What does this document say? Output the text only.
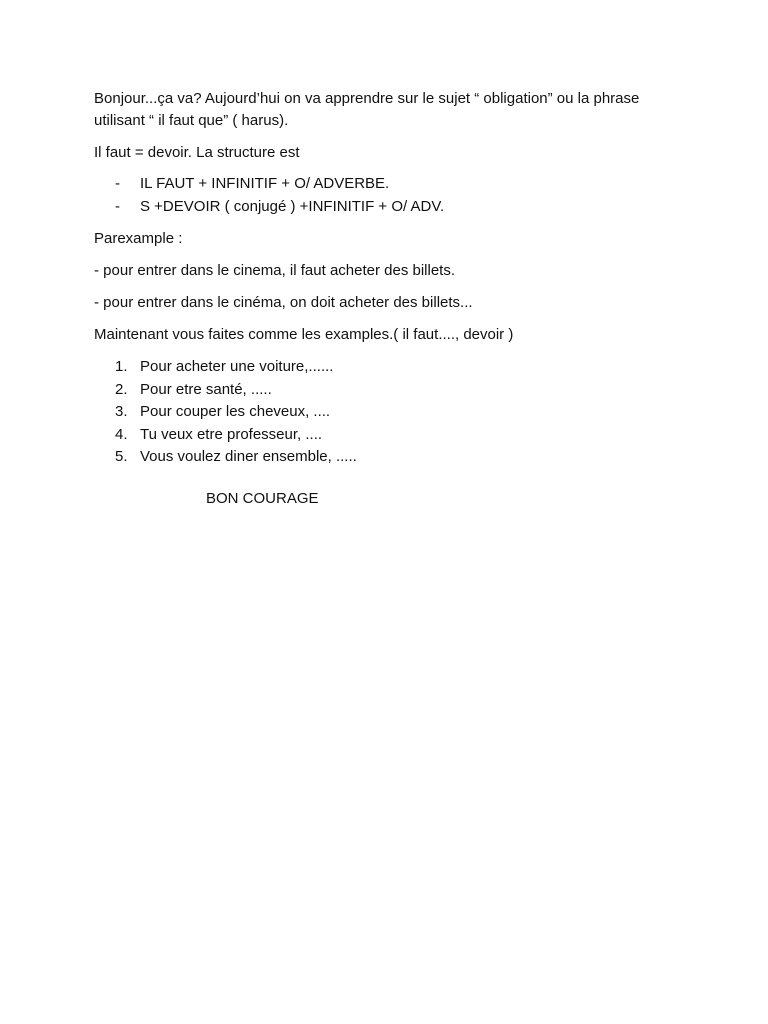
Bonjour...ça va? Aujourd’hui on va apprendre sur le sujet “ obligation” ou la phrase utilisant “ il faut que” ( harus).

Il faut = devoir. La structure est

- IL FAUT + INFINITIF + O/ ADVERBE.
- S +DEVOIR ( conjugé ) +INFINITIF + O/ ADV.

Parexample :

- pour entrer dans le cinema, il faut acheter des billets.

- pour entrer dans le cinéma, on doit acheter des billets...

Maintenant vous faites comme les examples.( il faut...., devoir )

1. Pour acheter une voiture,......
2. Pour etre santé, .....
3. Pour couper les cheveux, ....
4. Tu veux etre professeur, ....
5. Vous voulez diner ensemble, .....

BON COURAGE
